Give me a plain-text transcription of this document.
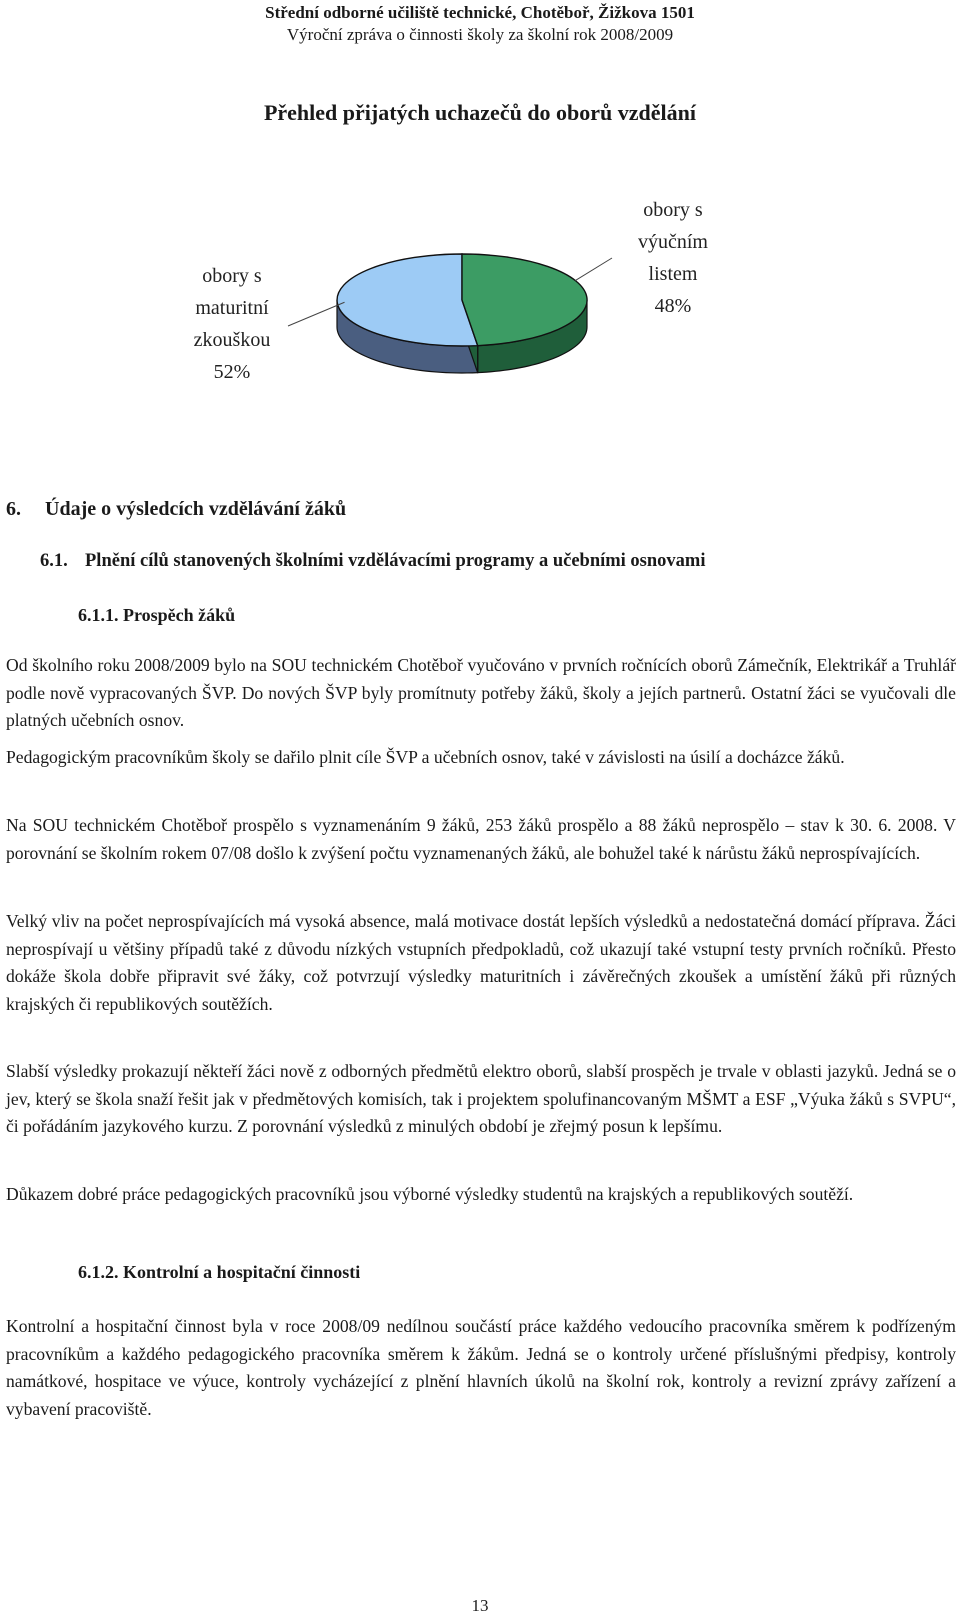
Střední odborné učiliště technické, Chotěboř, Žižkova 1501
Výroční zpráva o činnosti školy za školní rok 2008/2009
Přehled přijatých uchazečů do oborů vzdělání
obory s
maturitní
zkouškou
52%
obory s
výučním
listem
48%
6. Údaje o výsledcích vzdělávání žáků
6.1. Plnění cílů stanovených školními vzdělávacími programy a učebními osnovami
6.1.1. Prospěch žáků

Od školního roku 2008/2009 bylo na SOU technickém Chotěboř vyučováno v prvních ročnících oborů Zámečník, Elektrikář a Truhlář podle nově vypracovaných ŠVP. Do nových ŠVP byly promítnuty potřeby žáků, školy a jejích partnerů. Ostatní žáci se vyučovali dle platných učebních osnov.

Pedagogickým pracovníkům školy se dařilo plnit cíle ŠVP a učebních osnov, také v závislosti na úsilí a docházce žáků.

Na SOU technickém Chotěboř prospělo s vyznamenáním 9 žáků, 253 žáků prospělo a 88 žáků neprospělo – stav k 30. 6. 2008. V porovnání se školním rokem 07/08 došlo k zvýšení počtu vyznamenaných žáků, ale bohužel také k nárůstu žáků neprospívajících.

Velký vliv na počet neprospívajících má vysoká absence, malá motivace dostát lepších výsledků a nedostatečná domácí příprava. Žáci neprospívají u většiny případů také z důvodu nízkých vstupních předpokladů, což ukazují také vstupní testy prvních ročníků. Přesto dokáže škola dobře připravit své žáky, což potvrzují výsledky maturitních i závěrečných zkoušek a umístění žáků při různých krajských či republikových soutěžích.

Slabší výsledky prokazují někteří žáci nově z odborných předmětů elektro oborů, slabší prospěch je trvale v oblasti jazyků. Jedná se o jev, který se škola snaží řešit jak v předmětových komisích, tak i projektem spolufinancovaným MŠMT a ESF „Výuka žáků s SVPU“, či pořádáním jazykového kurzu. Z porovnání výsledků z minulých období je zřejmý posun k lepšímu.

Důkazem dobré práce pedagogických pracovníků jsou výborné výsledky studentů na krajských a republikových soutěží.

6.1.2. Kontrolní a hospitační činnosti

Kontrolní a hospitační činnost byla v roce 2008/09 nedílnou součástí práce každého vedoucího pracovníka směrem k podřízeným pracovníkům a každého pedagogického pracovníka směrem k žákům. Jedná se o kontroly určené příslušnými předpisy, kontroly namátkové, hospitace ve výuce, kontroly vycházející z plnění hlavních úkolů na školní rok, kontroly a revizní zprávy zařízení a vybavení pracoviště.

13
